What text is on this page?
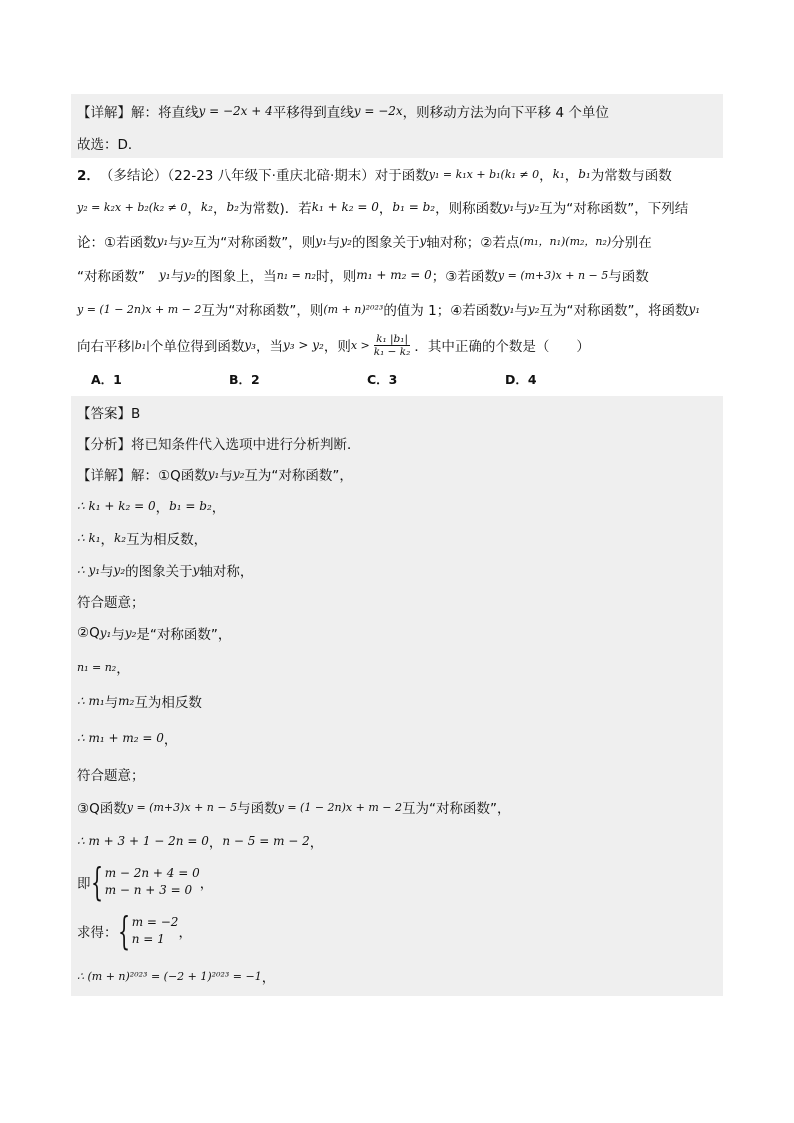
【详解】 解：将直线 y = −2x + 4 平移得到直线 y = −2x ，则移动方法为向下平移 4 个单位
故选：D．
2． （多结论）（22-23 八年级下·重庆北碚·期末）对于函数 y₁ = k₁x + b₁(k₁ ≠ 0 ， k₁ ， b₁ 为常数与函数
y₂ = k₂x + b₂(k₂ ≠ 0 ， k₂ ， b₂ 为常数)．若 k₁ + k₂ = 0 ， b₁ = b₂ ，则称函数 y₁ 与 y₂ 互为“对称函数”，下列结
论：①若函数 y₁ 与 y₂ 互为“对称函数”，则 y₁ 与 y₂ 的图象关于 y 轴对称；②若点 (m₁，n₁)(m₂，n₂) 分别在
“对称函数” y₁ 与 y₂ 的图象上，当 n₁ = n₂ 时，则 m₁ + m₂ = 0 ；③若函数 y = (m+3)x + n − 5 与函数
y = (1 − 2n)x + m − 2 互为“对称函数”，则 (m + n)²⁰²³ 的值为 1；④若函数 y₁ 与 y₂ 互为“对称函数”，将函数 y₁
向右平移 |b₁| 个单位得到函数 y₃ ，当 y₃ > y₂ ，则 $x > \frac{\text{k₁ |b₁|}}{\text{k₁ − k₂}}$ ．其中正确的个数是（　　）
A．1	B．2	C．3	D．4
【答案】B
【分析】将已知条件代入选项中进行分析判断．
【详解】 解：①Q函数 y₁ 与 y₂ 互为“对称函数”，
∴ k₁ + k₂ = 0 ， b₁ = b₂ ，
∴ k₁ ， k₂ 互为相反数，
∴ y₁ 与 y₂ 的图象关于 y 轴对称，
符合题意；
②Q y₁ 与 y₂ 是“对称函数”，
n₁ = n₂ ，
∴ m₁ 与 m₂ 互为相反数
∴ m₁ + m₂ = 0 ，
符合题意；
③Q函数 y = (m+3)x + n − 5 与函数 y = (1 − 2n)x + m − 2 互为“对称函数”，
∴ m + 3 + 1 − 2n = 0 ， n − 5 = m − 2 ，
即 { m − 2n + 4 = 0
m − n + 3 = 0 ，
求得： { m = −2
n = 1	，
∴ (m + n)²⁰²³ = (−2 + 1)²⁰²³ = −1 ，
